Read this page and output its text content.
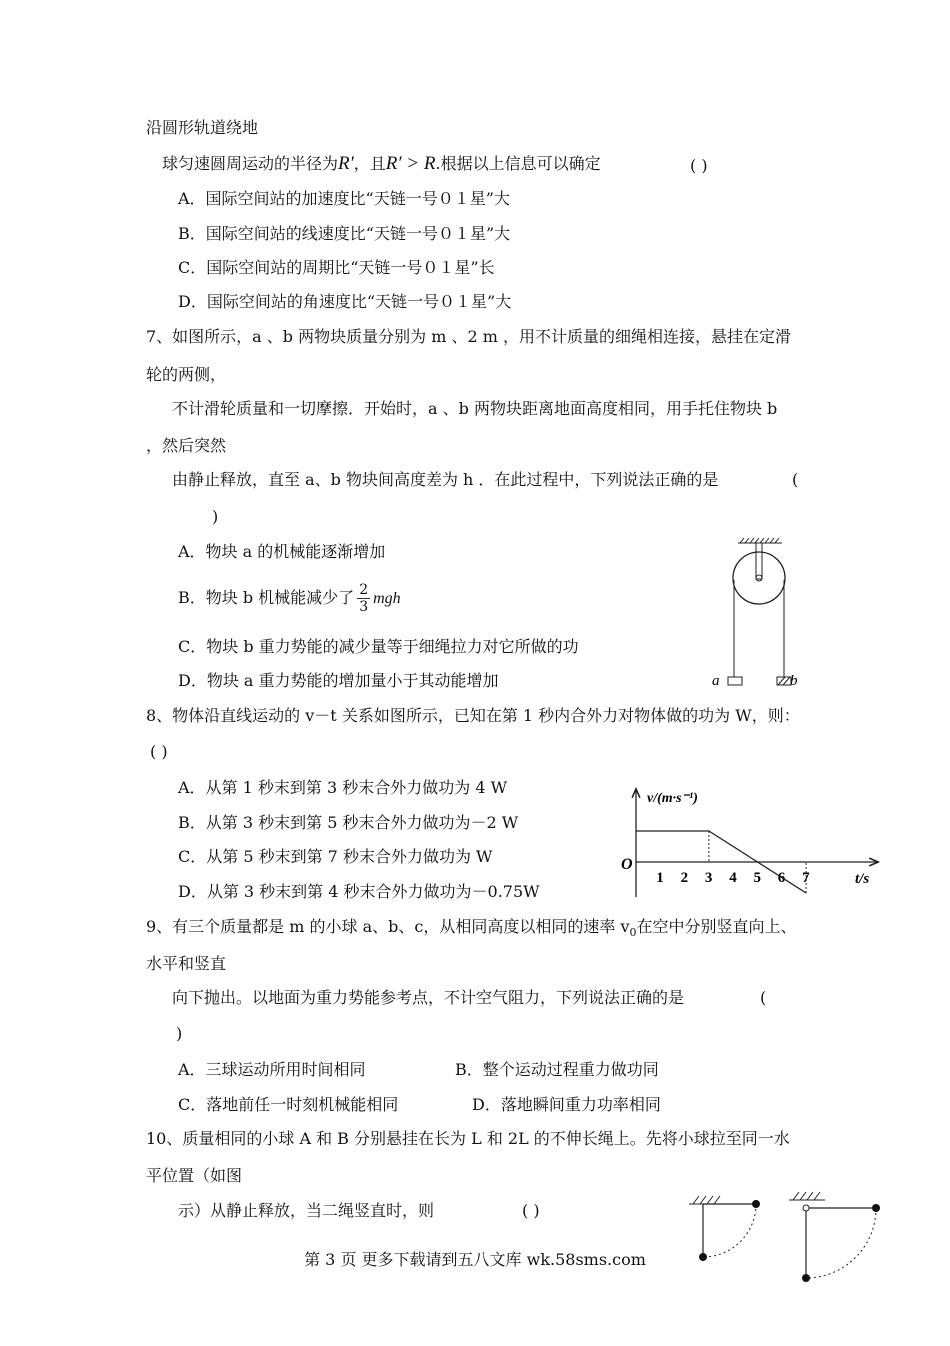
沿圆形轨道绕地
球匀速圆周运动的半径为R′，且R′ > R.根据以上信息可以确定	( )
A．国际空间站的加速度比“天链一号０１星”大
B．国际空间站的线速度比“天链一号０１星”大
C．国际空间站的周期比“天链一号０１星”长
D．国际空间站的角速度比“天链一号０１星”大
7、如图所示，a 、b 两物块质量分别为 m 、2 m ，用不计质量的细绳相连接，悬挂在定滑
轮的两侧，
不计滑轮质量和一切摩擦．开始时，a 、b 两物块距离地面高度相同，用手托住物块 b
，然后突然
由静止释放，直至 a、b 物块间高度差为 h ．在此过程中，下列说法正确的是	(
)
A．物块 a 的机械能逐渐增加
B．物块 b 机械能减少了 $\frac{2}{3}$ mgh
C．物块 b 重力势能的减少量等于细绳拉力对它所做的功
D．物块 a 重力势能的增加量小于其动能增加	a	b
8、物体沿直线运动的 v－t 关系如图所示，已知在第 1 秒内合外力对物体做的功为 W，则：
( )
A．从第 1 秒末到第 3 秒末合外力做功为 4 W
B．从第 3 秒末到第 5 秒末合外力做功为－2 W
C．从第 5 秒末到第 7 秒末合外力做功为 W
D．从第 3 秒末到第 4 秒末合外力做功为－0.75W
v/(m·s⁻¹)
t/s
O
1 2 3 4 5 6 7
9、有三个质量都是 m 的小球 a、b、c，从相同高度以相同的速率 $v_0$在空中分别竖直向上、
水平和竖直
向下抛出。以地面为重力势能参考点，不计空气阻力，下列说法正确的是	(
)
A．三球运动所用时间相同	B．整个运动过程重力做功同
C．落地前任一时刻机械能相同	D．落地瞬间重力功率相同
10、质量相同的小球 A 和 B 分别悬挂在长为 L 和 2L 的不伸长绳上。先将小球拉至同一水
平位置（如图
示）从静止释放，当二绳竖直时，则	( )
第 3 页 更多下载请到五八文库 wk.58sms.com
